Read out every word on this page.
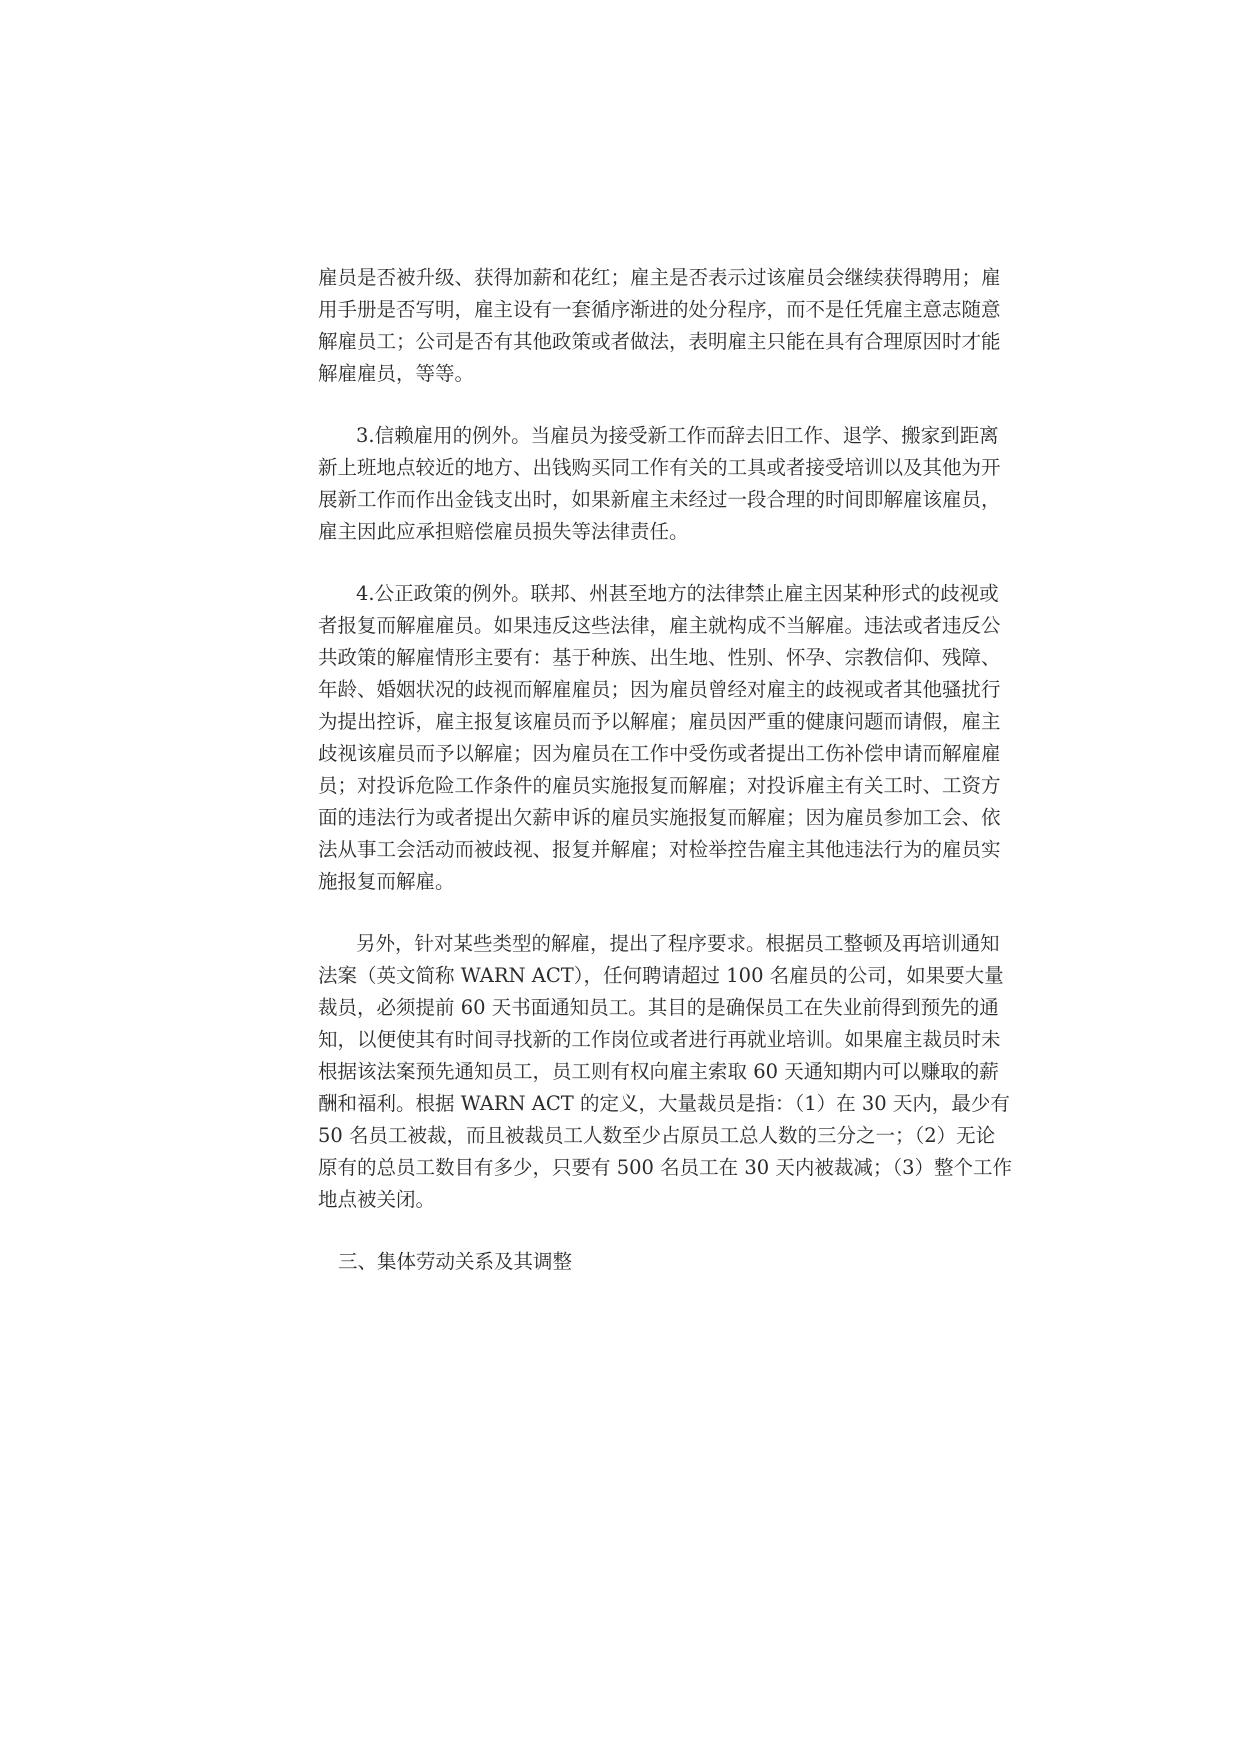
雇员是否被升级、获得加薪和花红；雇主是否表示过该雇员会继续获得聘用；雇
用手册是否写明，雇主设有一套循序渐进的处分程序，而不是任凭雇主意志随意
解雇员工；公司是否有其他政策或者做法，表明雇主只能在具有合理原因时才能
解雇雇员，等等。
3.信赖雇用的例外。当雇员为接受新工作而辞去旧工作、退学、搬家到距离
新上班地点较近的地方、出钱购买同工作有关的工具或者接受培训以及其他为开
展新工作而作出金钱支出时，如果新雇主未经过一段合理的时间即解雇该雇员，
雇主因此应承担赔偿雇员损失等法律责任。
4.公正政策的例外。联邦、州甚至地方的法律禁止雇主因某种形式的歧视或
者报复而解雇雇员。如果违反这些法律，雇主就构成不当解雇。违法或者违反公
共政策的解雇情形主要有：基于种族、出生地、性别、怀孕、宗教信仰、残障、
年龄、婚姻状况的歧视而解雇雇员；因为雇员曾经对雇主的歧视或者其他骚扰行
为提出控诉，雇主报复该雇员而予以解雇；雇员因严重的健康问题而请假，雇主
歧视该雇员而予以解雇；因为雇员在工作中受伤或者提出工伤补偿申请而解雇雇
员；对投诉危险工作条件的雇员实施报复而解雇；对投诉雇主有关工时、工资方
面的违法行为或者提出欠薪申诉的雇员实施报复而解雇；因为雇员参加工会、依
法从事工会活动而被歧视、报复并解雇；对检举控告雇主其他违法行为的雇员实
施报复而解雇。
另外，针对某些类型的解雇，提出了程序要求。根据员工整顿及再培训通知
法案（英文简称 WARN ACT），任何聘请超过 100 名雇员的公司，如果要大量
裁员，必须提前 60 天书面通知员工。其目的是确保员工在失业前得到预先的通
知，以便使其有时间寻找新的工作岗位或者进行再就业培训。如果雇主裁员时未
根据该法案预先通知员工，员工则有权向雇主索取 60 天通知期内可以赚取的薪
酬和福利。根据 WARN ACT 的定义，大量裁员是指：（1）在 30 天内，最少有
50 名员工被裁，而且被裁员工人数至少占原员工总人数的三分之一；（2）无论
原有的总员工数目有多少，只要有 500 名员工在 30 天内被裁减；（3）整个工作
地点被关闭。
三、集体劳动关系及其调整
